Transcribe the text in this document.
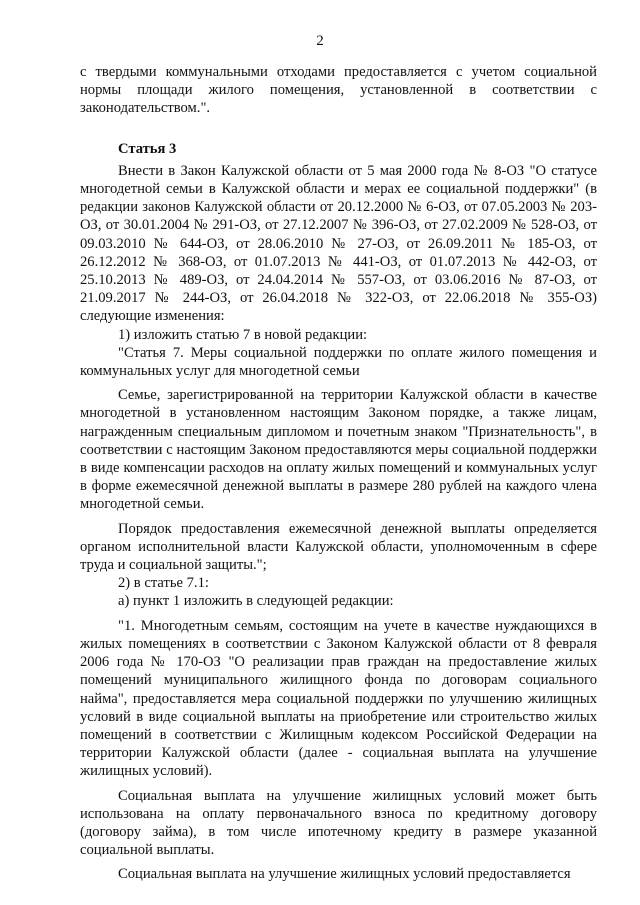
2

с твердыми коммунальными отходами предоставляется с учетом социальной нормы площади жилого помещения, установленной в соответствии с законодательством.".

Статья 3

Внести в Закон Калужской области от 5 мая 2000 года № 8-ОЗ "О статусе многодетной семьи в Калужской области и мерах ее социальной поддержки" (в редакции законов Калужской области от 20.12.2000 № 6-ОЗ, от 07.05.2003 № 203-ОЗ, от 30.01.2004 № 291-ОЗ, от 27.12.2007 № 396-ОЗ, от 27.02.2009 № 528-ОЗ, от 09.03.2010 № 644-ОЗ, от 28.06.2010 № 27-ОЗ, от 26.09.2011 № 185-ОЗ, от 26.12.2012 № 368-ОЗ, от 01.07.2013 № 441-ОЗ, от 01.07.2013 № 442-ОЗ, от 25.10.2013 № 489-ОЗ, от 24.04.2014 № 557-ОЗ, от 03.06.2016 № 87-ОЗ, от 21.09.2017 № 244-ОЗ, от 26.04.2018 № 322-ОЗ, от 22.06.2018 № 355-ОЗ) следующие изменения:

1) изложить статью 7 в новой редакции:

"Статья 7. Меры социальной поддержки по оплате жилого помещения и коммунальных услуг для многодетной семьи

Семье, зарегистрированной на территории Калужской области в качестве многодетной в установленном настоящим Законом порядке, а также лицам, награжденным специальным дипломом и почетным знаком "Признательность", в соответствии с настоящим Законом предоставляются меры социальной поддержки в виде компенсации расходов на оплату жилых помещений и коммунальных услуг в форме ежемесячной денежной выплаты в размере 280 рублей на каждого члена многодетной семьи.

Порядок предоставления ежемесячной денежной выплаты определяется органом исполнительной власти Калужской области, уполномоченным в сфере труда и социальной защиты.";

2) в статье 7.1:

а) пункт 1 изложить в следующей редакции:

"1. Многодетным семьям, состоящим на учете в качестве нуждающихся в жилых помещениях в соответствии с Законом Калужской области от 8 февраля 2006 года № 170-ОЗ "О реализации прав граждан на предоставление жилых помещений муниципального жилищного фонда по договорам социального найма", предоставляется мера социальной поддержки по улучшению жилищных условий в виде социальной выплаты на приобретение или строительство жилых помещений в соответствии с Жилищным кодексом Российской Федерации на территории Калужской области (далее - социальная выплата на улучшение жилищных условий).

Социальная выплата на улучшение жилищных условий может быть использована на оплату первоначального взноса по кредитному договору (договору займа), в том числе ипотечному кредиту в размере указанной социальной выплаты.

Социальная выплата на улучшение жилищных условий предоставляется
